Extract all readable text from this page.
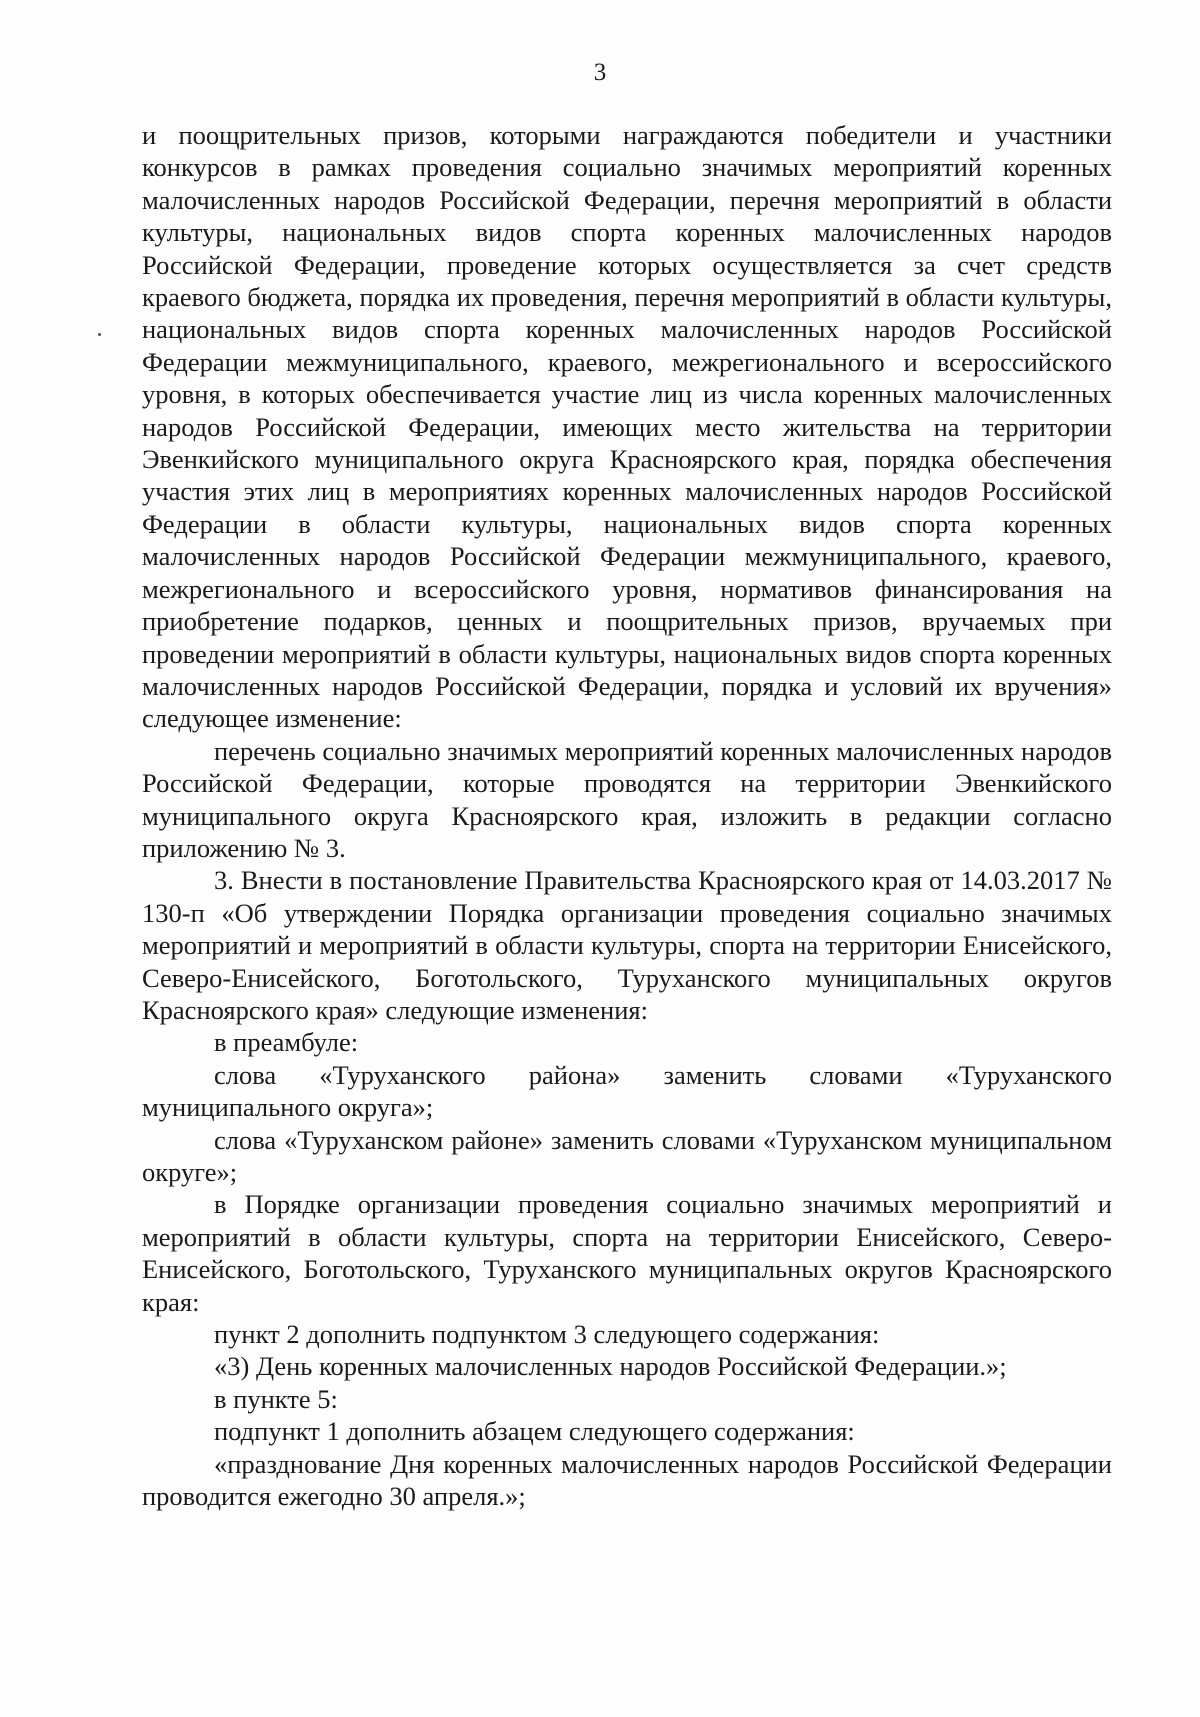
3

и поощрительных призов, которыми награждаются победители и участники конкурсов в рамках проведения социально значимых мероприятий коренных малочисленных народов Российской Федерации, перечня мероприятий в области культуры, национальных видов спорта коренных малочисленных народов Российской Федерации, проведение которых осуществляется за счет средств краевого бюджета, порядка их проведения, перечня мероприятий в области культуры, национальных видов спорта коренных малочисленных народов Российской Федерации межмуниципального, краевого, межрегионального и всероссийского уровня, в которых обеспечивается участие лиц из числа коренных малочисленных народов Российской Федерации, имеющих место жительства на территории Эвенкийского муниципального округа Красноярского края, порядка обеспечения участия этих лиц в мероприятиях коренных малочисленных народов Российской Федерации в области культуры, национальных видов спорта коренных малочисленных народов Российской Федерации межмуниципального, краевого, межрегионального и всероссийского уровня, нормативов финансирования на приобретение подарков, ценных и поощрительных призов, вручаемых при проведении мероприятий в области культуры, национальных видов спорта коренных малочисленных народов Российской Федерации, порядка и условий их вручения» следующее изменение:

перечень социально значимых мероприятий коренных малочисленных народов Российской Федерации, которые проводятся на территории Эвенкийского муниципального округа Красноярского края, изложить в редакции согласно приложению № 3.

3. Внести в постановление Правительства Красноярского края от 14.03.2017 № 130-п «Об утверждении Порядка организации проведения социально значимых мероприятий и мероприятий в области культуры, спорта на территории Енисейского, Северо-Енисейского, Боготольского, Туруханского муниципальных округов Красноярского края» следующие изменения:

в преамбуле:

слова «Туруханского района» заменить словами «Туруханского муниципального округа»;

слова «Туруханском районе» заменить словами «Туруханском муниципальном округе»;

в Порядке организации проведения социально значимых мероприятий и мероприятий в области культуры, спорта на территории Енисейского, Северо-Енисейского, Боготольского, Туруханского муниципальных округов Красноярского края:

пункт 2 дополнить подпунктом 3 следующего содержания:

«3) День коренных малочисленных народов Российской Федерации.»;

в пункте 5:

подпункт 1 дополнить абзацем следующего содержания:

«празднование Дня коренных малочисленных народов Российской Федерации проводится ежегодно 30 апреля.»;
